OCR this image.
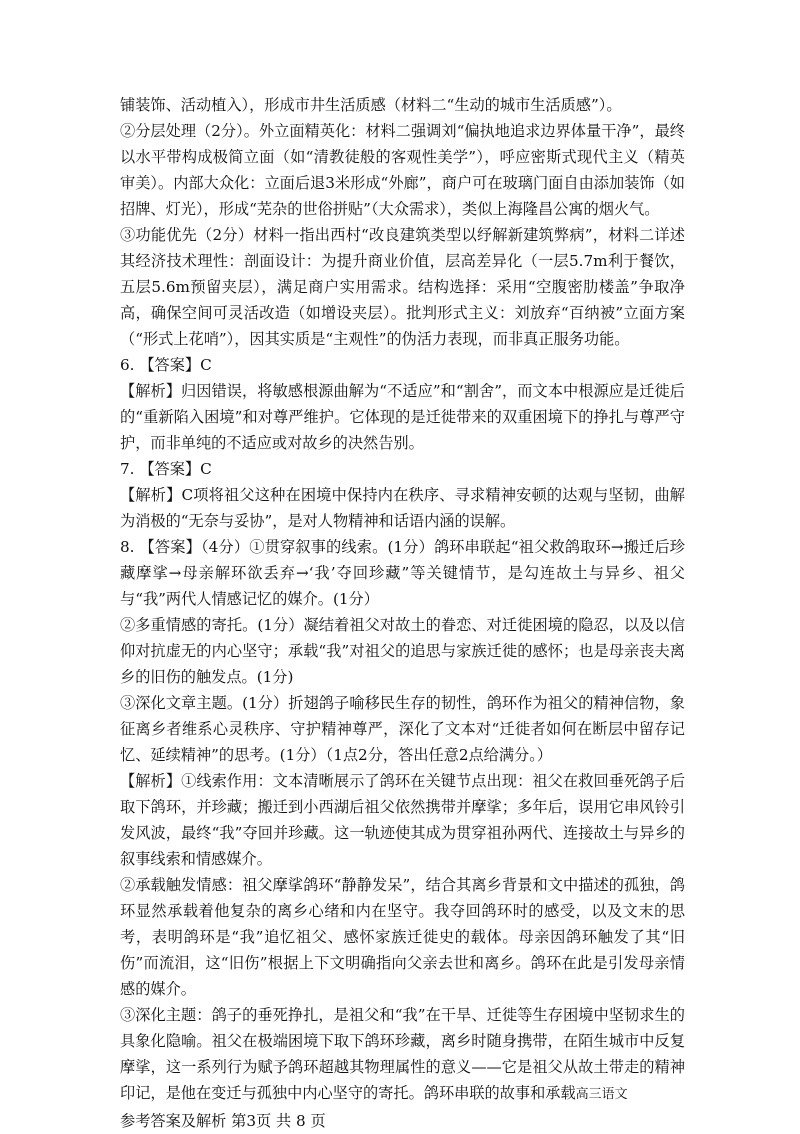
铺装饰、活动植入），形成市井生活质感（材料二“生动的城市生活质感”）。

②分层处理（2分）。外立面精英化：材料二强调刘“偏执地追求边界体量干净”，最终以水平带构成极简立面（如“清教徒般的客观性美学”），呼应密斯式现代主义（精英审美）。内部大众化：立面后退3米形成“外廊”，商户可在玻璃门面自由添加装饰（如招牌、灯光），形成“芜杂的世俗拼贴”（大众需求），类似上海隆昌公寓的烟火气。

③功能优先（2分）材料一指出西村“改良建筑类型以纾解新建筑弊病”，材料二详述其经济技术理性：剖面设计：为提升商业价值，层高差异化（一层5.7m利于餐饮，五层5.6m预留夹层），满足商户实用需求。结构选择：采用“空腹密肋楼盖”争取净高，确保空间可灵活改造（如增设夹层）。批判形式主义：刘放弃“百纳被”立面方案（“形式上花哨”），因其实质是“主观性”的伪活力表现，而非真正服务功能。

6. 【答案】C

【解析】归因错误，将敏感根源曲解为“不适应”和“割舍”，而文本中根源应是迁徙后的“重新陷入困境”和对尊严维护。它体现的是迁徙带来的双重困境下的挣扎与尊严守护，而非单纯的不适应或对故乡的决然告别。

7. 【答案】C

【解析】C项将祖父这种在困境中保持内在秩序、寻求精神安顿的达观与坚韧，曲解为消极的“无奈与妥协”，是对人物精神和话语内涵的误解。

8. 【答案】（4分）①贯穿叙事的线索。(1分）鸽环串联起“祖父救鸽取环→搬迁后珍藏摩挲→母亲解环欲丢弃→‘我’夺回珍藏”等关键情节，是勾连故土与异乡、祖父与“我”两代人情感记忆的媒介。(1分）

②多重情感的寄托。(1分）凝结着祖父对故土的眷恋、对迁徙困境的隐忍，以及以信仰对抗虚无的内心坚守；承载“我”对祖父的追思与家族迁徙的感怀；也是母亲丧夫离乡的旧伤的触发点。(1分)

③深化文章主题。(1分）折翅鸽子喻移民生存的韧性，鸽环作为祖父的精神信物，象征离乡者维系心灵秩序、守护精神尊严，深化了文本对“迁徙者如何在断层中留存记忆、延续精神”的思考。(1分）（1点2分，答出任意2点给满分。）

【解析】①线索作用：文本清晰展示了鸽环在关键节点出现：祖父在救回垂死鸽子后取下鸽环，并珍藏；搬迁到小西湖后祖父依然携带并摩挲；多年后，误用它串风铃引发风波，最终“我”夺回并珍藏。这一轨迹使其成为贯穿祖孙两代、连接故土与异乡的叙事线索和情感媒介。

②承载触发情感：祖父摩挲鸽环“静静发呆”，结合其离乡背景和文中描述的孤独，鸽环显然承载着他复杂的离乡心绪和内在坚守。我夺回鸽环时的感受，以及文末的思考，表明鸽环是“我”追忆祖父、感怀家族迁徙史的载体。母亲因鸽环触发了其“旧伤”而流泪，这“旧伤”根据上下文明确指向父亲去世和离乡。鸽环在此是引发母亲情感的媒介。

③深化主题：鸽子的垂死挣扎，是祖父和“我”在干旱、迁徙等生存困境中坚韧求生的具象化隐喻。祖父在极端困境下取下鸽环珍藏，离乡时随身携带，在陌生城市中反复摩挲，这一系列行为赋予鸽环超越其物理属性的意义——它是祖父从故土带走的精神印记，是他在变迁与孤独中内心坚守的寄托。鸽环串联的故事和承载高三语文

参考答案及解析 第3页 共 8 页
